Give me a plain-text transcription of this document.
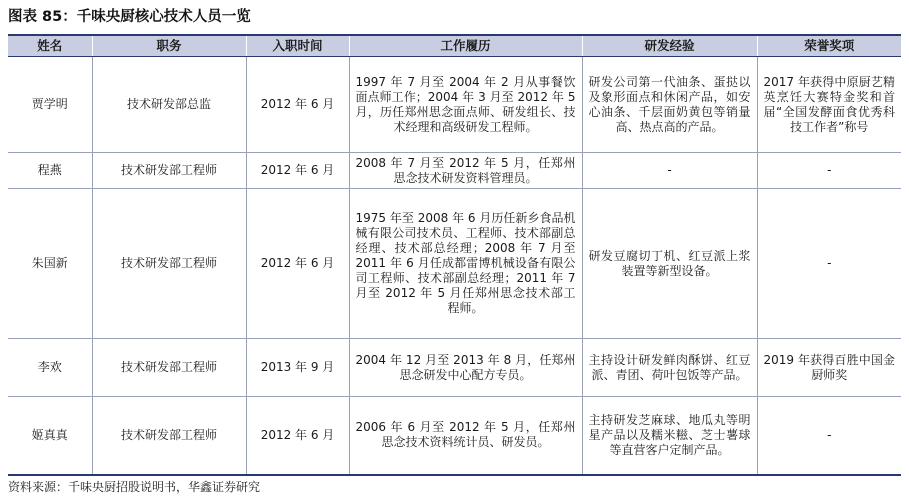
图表 85：千味央厨核心技术人员一览
姓名	职务	入职时间	工作履历	研发经验	荣誉奖项
贾学明	技术研发部总监	2012 年 6 月	1997 年 7 月至 2004 年 2 月从事餐饮面点师工作；2004 年 3 月至 2012 年 5 月，历任郑州思念面点师、研发组长、技术经理和高级研发工程师。	研发公司第一代油条、蛋挞以及象形面点和休闲产品，如安心油条、千层面奶黄包等销量高、热点高的产品。	2017 年获得中原厨艺精英烹饪大赛特金奖和首届“全国发酵面食优秀科技工作者”称号
程燕	技术研发部工程师	2012 年 6 月	2008 年 7 月至 2012 年 5 月，任郑州思念技术研发资料管理员。	-	-
朱国新	技术研发部工程师	2012 年 6 月	1975 年至 2008 年 6 月历任新乡食品机械有限公司技术员、工程师、技术部副总经理、技术部总经理；2008 年 7 月至 2011 年 6 月任成都雷博机械设备有限公司工程师、技术部副总经理；2011 年 7 月至 2012 年 5 月任郑州思念技术部工程师。	研发豆腐切丁机、红豆派上浆装置等新型设备。	-
李欢	技术研发部工程师	2013 年 9 月	2004 年 12 月至 2013 年 8 月，任郑州思念研发中心配方专员。	主持设计研发鲜肉酥饼、红豆派、青团、荷叶包饭等产品。	2019 年获得百胜中国金厨师奖
姬真真	技术研发部工程师	2012 年 6 月	2006 年 6 月至 2012 年 5 月，任郑州思念技术资料统计员、研发员。	主持研发芝麻球、地瓜丸等明星产品以及糯米糍、芝士薯球等直营客户定制产品。	-
资料来源：千味央厨招股说明书，华鑫证券研究
